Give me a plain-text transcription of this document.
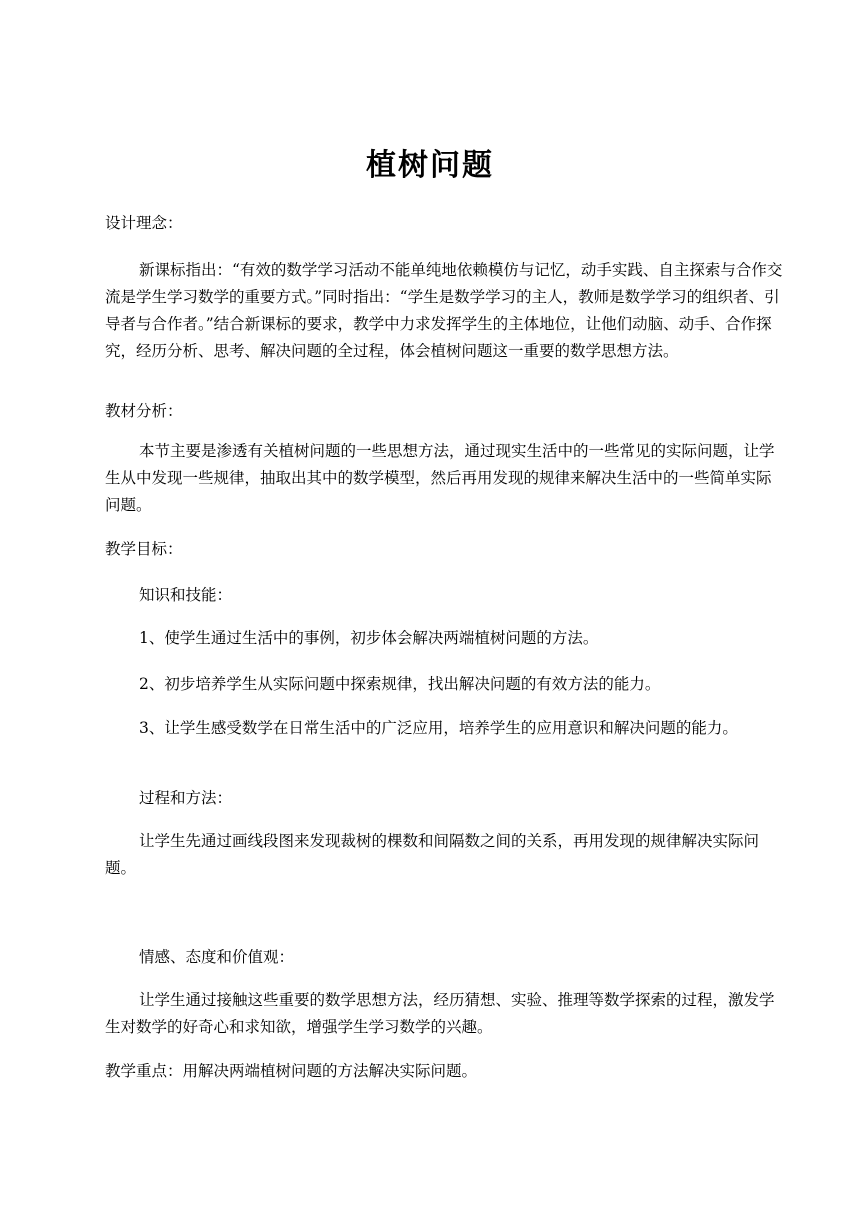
植树问题

设计理念：

新课标指出：“有效的数学学习活动不能单纯地依赖模仿与记忆，动手实践、自主探索与合作交流是学生学习数学的重要方式。”同时指出：“学生是数学学习的主人，教师是数学学习的组织者、引导者与合作者。”结合新课标的要求，教学中力求发挥学生的主体地位，让他们动脑、动手、合作探究，经历分析、思考、解决问题的全过程，体会植树问题这一重要的数学思想方法。

教材分析：

本节主要是渗透有关植树问题的一些思想方法，通过现实生活中的一些常见的实际问题，让学生从中发现一些规律，抽取出其中的数学模型，然后再用发现的规律来解决生活中的一些简单实际问题。

教学目标：

知识和技能：

1、使学生通过生活中的事例，初步体会解决两端植树问题的方法。

2、初步培养学生从实际问题中探索规律，找出解决问题的有效方法的能力。

3、让学生感受数学在日常生活中的广泛应用，培养学生的应用意识和解决问题的能力。

过程和方法：

让学生先通过画线段图来发现裁树的棵数和间隔数之间的关系，再用发现的规律解决实际问题。

情感、态度和价值观：

让学生通过接触这些重要的数学思想方法，经历猜想、实验、推理等数学探索的过程，激发学生对数学的好奇心和求知欲，增强学生学习数学的兴趣。

教学重点：用解决两端植树问题的方法解决实际问题。
